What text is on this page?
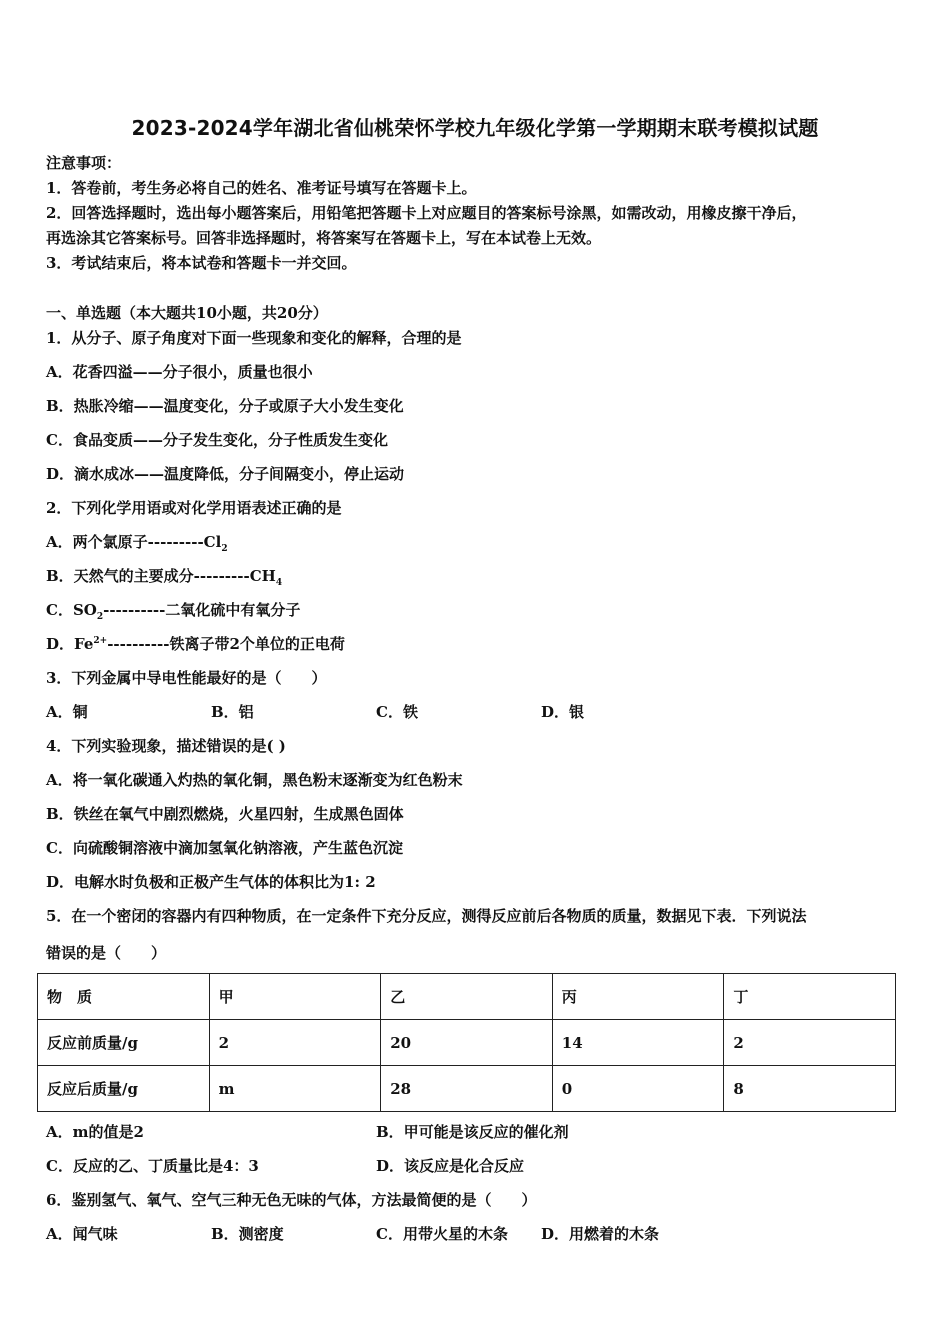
2023-2024学年湖北省仙桃荣怀学校九年级化学第一学期期末联考模拟试题
注意事项：
1．答卷前，考生务必将自己的姓名、准考证号填写在答题卡上。
2．回答选择题时，选出每小题答案后，用铅笔把答题卡上对应题目的答案标号涂黑，如需改动，用橡皮擦干净后，
再选涂其它答案标号。回答非选择题时，将答案写在答题卡上，写在本试卷上无效。
3．考试结束后，将本试卷和答题卡一并交回。
一、单选题（本大题共10小题，共20分）
1．从分子、原子角度对下面一些现象和变化的解释，合理的是
A．花香四溢——分子很小，质量也很小
B．热胀冷缩——温度变化，分子或原子大小发生变化
C．食品变质——分子发生变化，分子性质发生变化
D．滴水成冰——温度降低，分子间隔变小，停止运动
2．下列化学用语或对化学用语表述正确的是
A．两个氯原子$---------Cl_2$
B．天然气的主要成分$---------CH_4$
C．$SO_2----------$二氧化硫中有氧分子
D．$Fe^{2+}----------$铁离子带2个单位的正电荷
3．下列金属中导电性能最好的是（　　）
A．铜	B．铝	C．铁	D．银
4．下列实验现象，描述错误的是( )
A．将一氧化碳通入灼热的氧化铜，黑色粉末逐渐变为红色粉末
B．铁丝在氧气中剧烈燃烧，火星四射，生成黑色固体
C．向硫酸铜溶液中滴加氢氧化钠溶液，产生蓝色沉淀
D．电解水时负极和正极产生气体的体积比为1: 2
5．在一个密闭的容器内有四种物质，在一定条件下充分反应，测得反应前后各物质的质量，数据见下表．下列说法
错误的是（　　）
物　质	甲	乙	丙	丁
反应前质量/g	2	20	14	2
反应后质量/g	m	28	0	8
A．m的值是2	B．甲可能是该反应的催化剂
C．反应的乙、丁质量比是4：3	D．该反应是化合反应
6．鉴别氢气、氧气、空气三种无色无味的气体，方法最简便的是（　　）
A．闻气味	B．测密度	C．用带火星的木条 D．用燃着的木条
